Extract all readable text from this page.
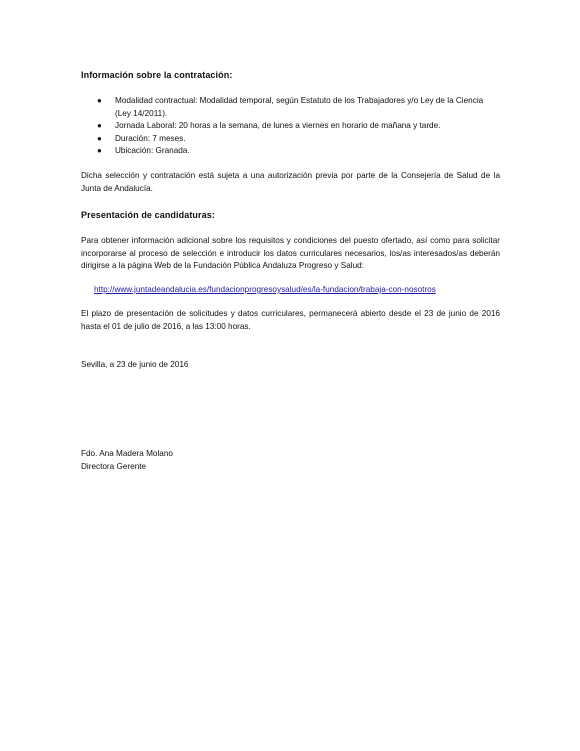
Información sobre la contratación:
● Modalidad contractual: Modalidad temporal, según Estatuto de los Trabajadores y/o Ley de la Ciencia (Ley 14/2011).
● Jornada Laboral: 20 horas a la semana, de lunes a viernes en horario de mañana y tarde.
● Duración: 7 meses.
● Ubicación: Granada.

Dicha selección y contratación está sujeta a una autorización previa por parte de la Consejería de Salud de la Junta de Andalucía.

Presentación de candidaturas:

Para obtener información adicional sobre los requisitos y condiciones del puesto ofertado, así como para solicitar incorporarse al proceso de selección e introducir los datos curriculares necesarios, los/as interesados/as deberán dirigirse a la página Web de la Fundación Pública Andaluza Progreso y Salud:

http://www.juntadeandalucia.es/fundacionprogresoysalud/es/la-fundacion/trabaja-con-nosotros

El plazo de presentación de solicitudes y datos curriculares, permanecerá abierto desde el 23 de junio de 2016 hasta el 01 de julio de 2016, a las 13:00 horas.

Sevilla, a 23 de junio de 2016

Fdo. Ana Madera Molano

Directora Gerente
